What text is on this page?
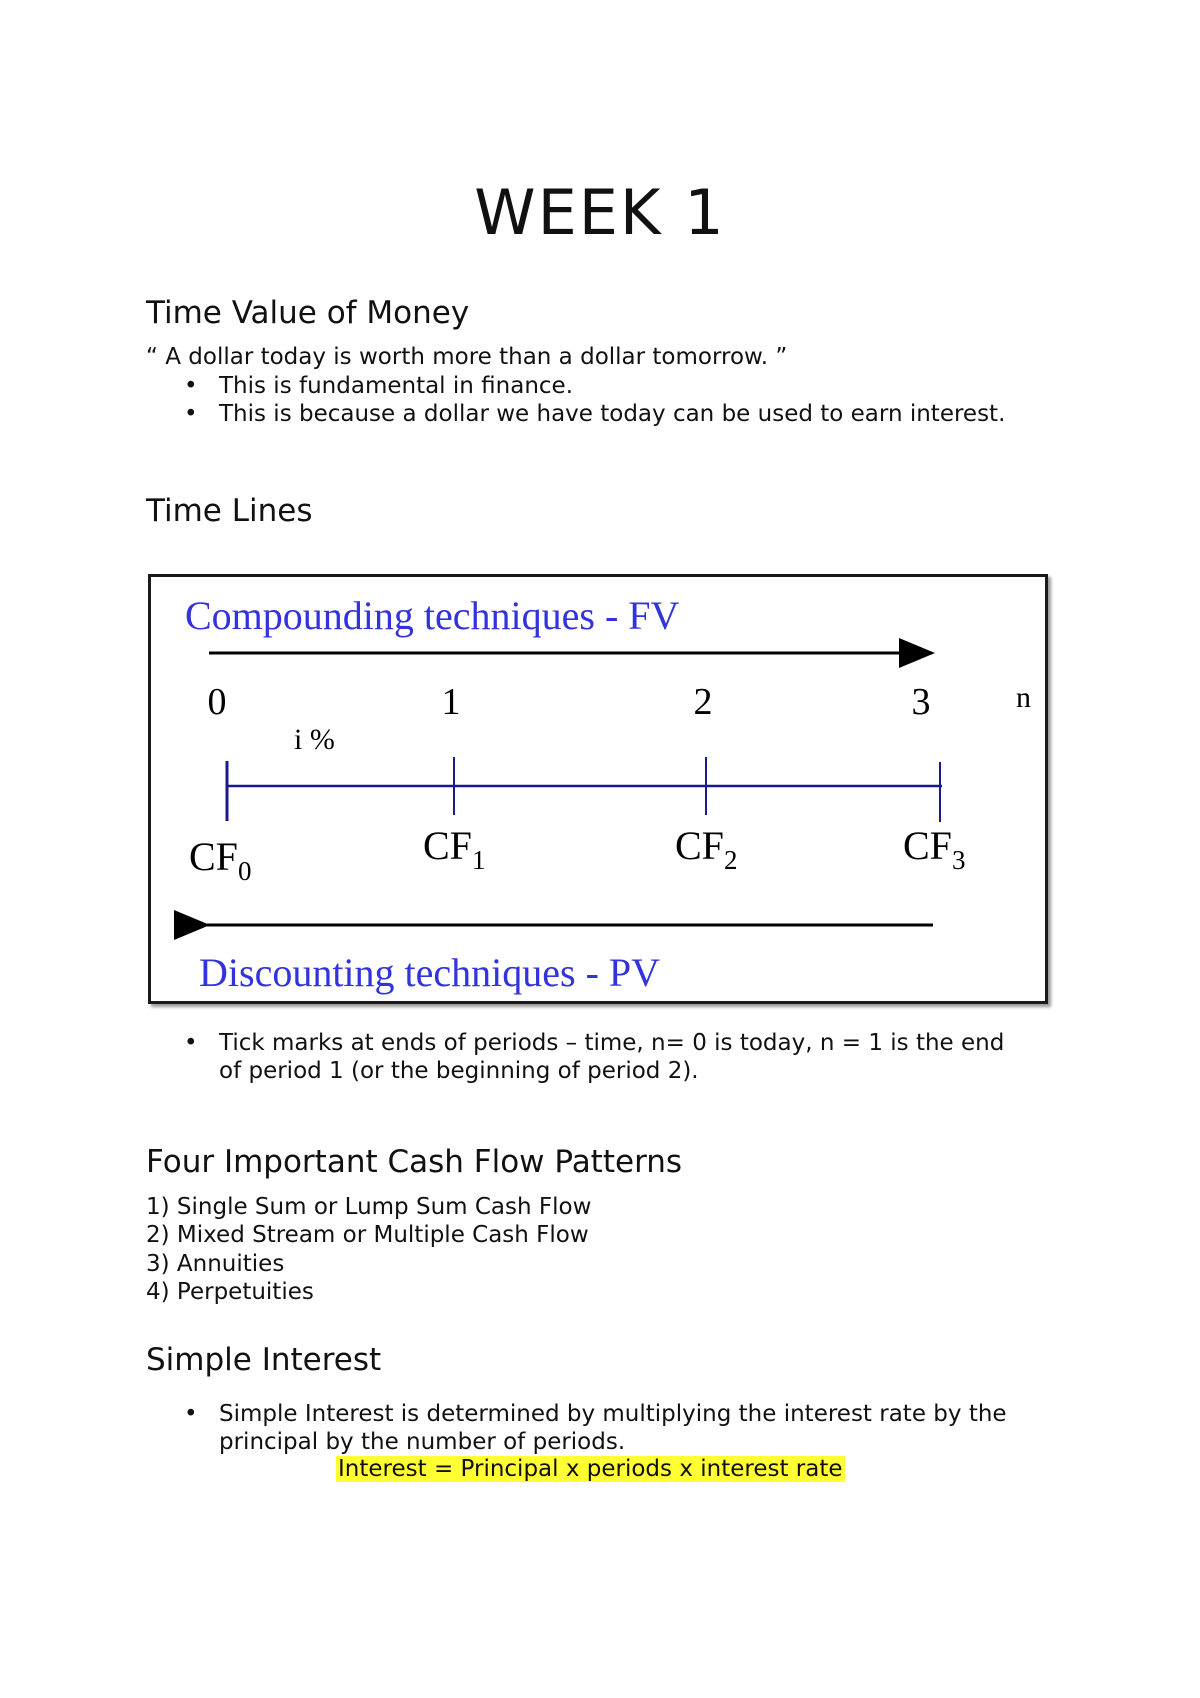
WEEK 1
Time Value of Money

“ A dollar today is worth more than a dollar tomorrow. ”

• This is fundamental in finance.

• This is because a dollar we have today can be used to earn interest.

Time Lines
Compounding techniques - FV
0	1	2	3	n
i %
$CF_0$
$CF_1$	$CF_2$	$CF_3$
Discounting techniques - PV
• Tick marks at ends of periods – time, n= 0 is today, n = 1 is the end

of period 1 (or the beginning of period 2).

Four Important Cash Flow Patterns

1) Single Sum or Lump Sum Cash Flow

2) Mixed Stream or Multiple Cash Flow

3) Annuities

4) Perpetuities

Simple Interest
• Simple Interest is determined by multiplying the interest rate by the

principal by the number of periods.

Interest = Principal x periods x interest rate
